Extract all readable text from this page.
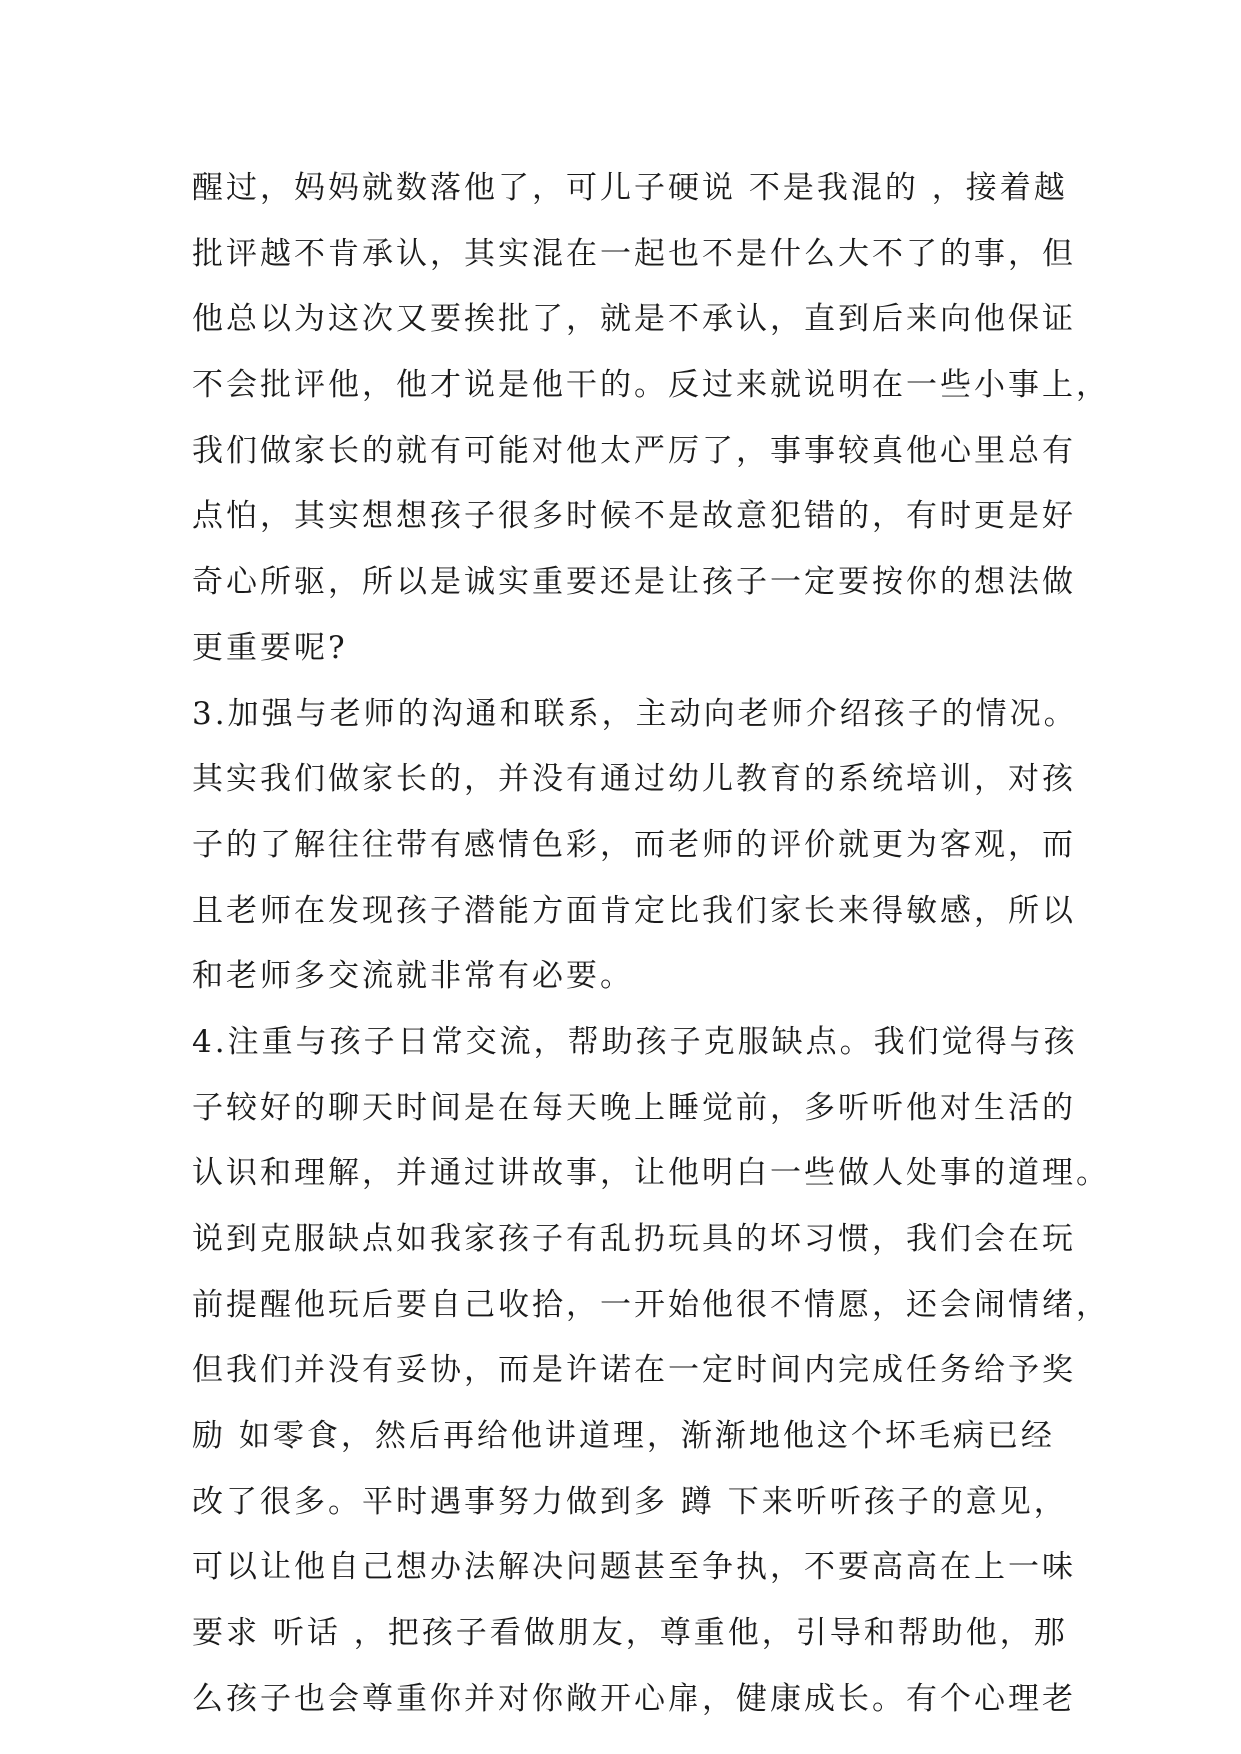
醒过，妈妈就数落他了，可儿子硬说 不是我混的 ，接着越
批评越不肯承认，其实混在一起也不是什么大不了的事，但
他总以为这次又要挨批了，就是不承认，直到后来向他保证
不会批评他，他才说是他干的。反过来就说明在一些小事上，
我们做家长的就有可能对他太严厉了，事事较真他心里总有
点怕，其实想想孩子很多时候不是故意犯错的，有时更是好
奇心所驱，所以是诚实重要还是让孩子一定要按你的想法做
更重要呢?
3.加强与老师的沟通和联系，主动向老师介绍孩子的情况。
其实我们做家长的，并没有通过幼儿教育的系统培训，对孩
子的了解往往带有感情色彩，而老师的评价就更为客观，而
且老师在发现孩子潜能方面肯定比我们家长来得敏感，所以
和老师多交流就非常有必要。
4.注重与孩子日常交流，帮助孩子克服缺点。我们觉得与孩
子较好的聊天时间是在每天晚上睡觉前，多听听他对生活的
认识和理解，并通过讲故事，让他明白一些做人处事的道理。
说到克服缺点如我家孩子有乱扔玩具的坏习惯，我们会在玩
前提醒他玩后要自己收拾，一开始他很不情愿，还会闹情绪，
但我们并没有妥协，而是许诺在一定时间内完成任务给予奖
励 如零食，然后再给他讲道理，渐渐地他这个坏毛病已经
改了很多。平时遇事努力做到多 蹲 下来听听孩子的意见，
可以让他自己想办法解决问题甚至争执，不要高高在上一味
要求 听话 ，把孩子看做朋友，尊重他，引导和帮助他，那
么孩子也会尊重你并对你敞开心扉，健康成长。有个心理老
